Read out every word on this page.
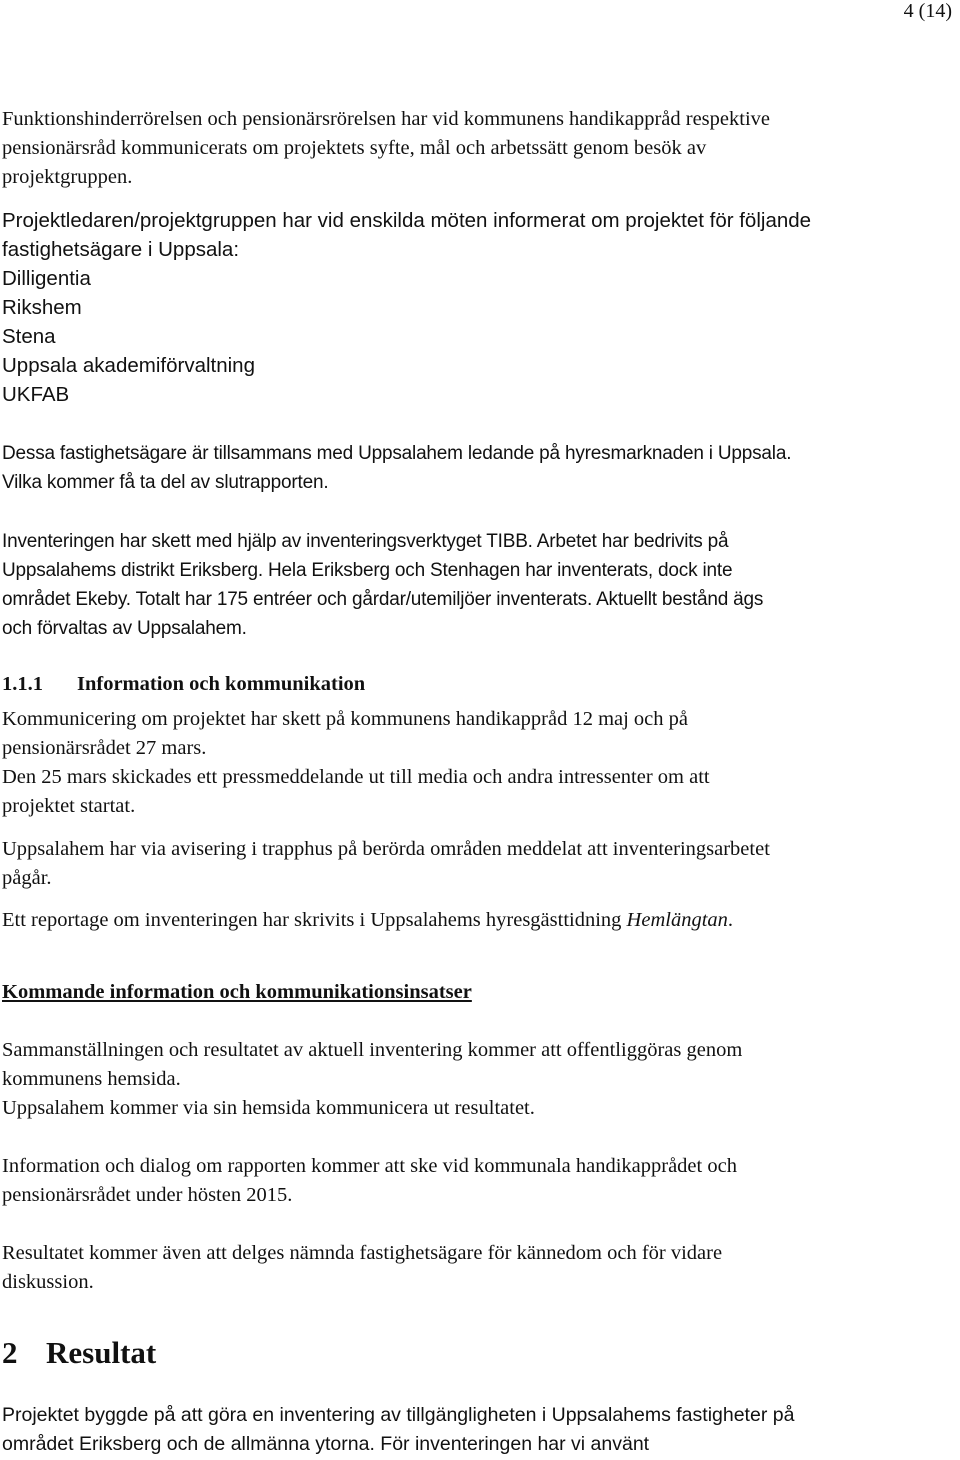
4 (14)
Funktionshinderrörelsen och pensionärsrörelsen har vid kommunens handikappråd respektive
pensionärsråd kommunicerats om projektets syfte, mål och arbetssätt genom besök av
projektgruppen.
Projektledaren/projektgruppen har vid enskilda möten informerat om projektet för följande
fastighetsägare i Uppsala:
Dilligentia
Rikshem
Stena
Uppsala akademiförvaltning
UKFAB
Dessa fastighetsägare är tillsammans med Uppsalahem ledande på hyresmarknaden i Uppsala.
Vilka kommer få ta del av slutrapporten.
Inventeringen har skett med hjälp av inventeringsverktyget TIBB. Arbetet har bedrivits på
Uppsalahems distrikt Eriksberg. Hela Eriksberg och Stenhagen har inventerats, dock inte
området Ekeby. Totalt har 175 entréer och gårdar/utemiljöer inventerats. Aktuellt bestånd ägs
och förvaltas av Uppsalahem.
1.1.1 Information och kommunikation
Kommunicering om projektet har skett på kommunens handikappråd 12 maj och på
pensionärsrådet 27 mars.
Den 25 mars skickades ett pressmeddelande ut till media och andra intressenter om att
projektet startat.
Uppsalahem har via avisering i trapphus på berörda områden meddelat att inventeringsarbetet
pågår.
Ett reportage om inventeringen har skrivits i Uppsalahems hyresgästtidning Hemlängtan.
Kommande information och kommunikationsinsatser
Sammanställningen och resultatet av aktuell inventering kommer att offentliggöras genom
kommunens hemsida.
Uppsalahem kommer via sin hemsida kommunicera ut resultatet.
Information och dialog om rapporten kommer att ske vid kommunala handikapprådet och
pensionärsrådet under hösten 2015.
Resultatet kommer även att delges nämnda fastighetsägare för kännedom och för vidare
diskussion.
2 Resultat
Projektet byggde på att göra en inventering av tillgängligheten i Uppsalahems fastigheter på
området Eriksberg och de allmänna ytorna. För inventeringen har vi använt
